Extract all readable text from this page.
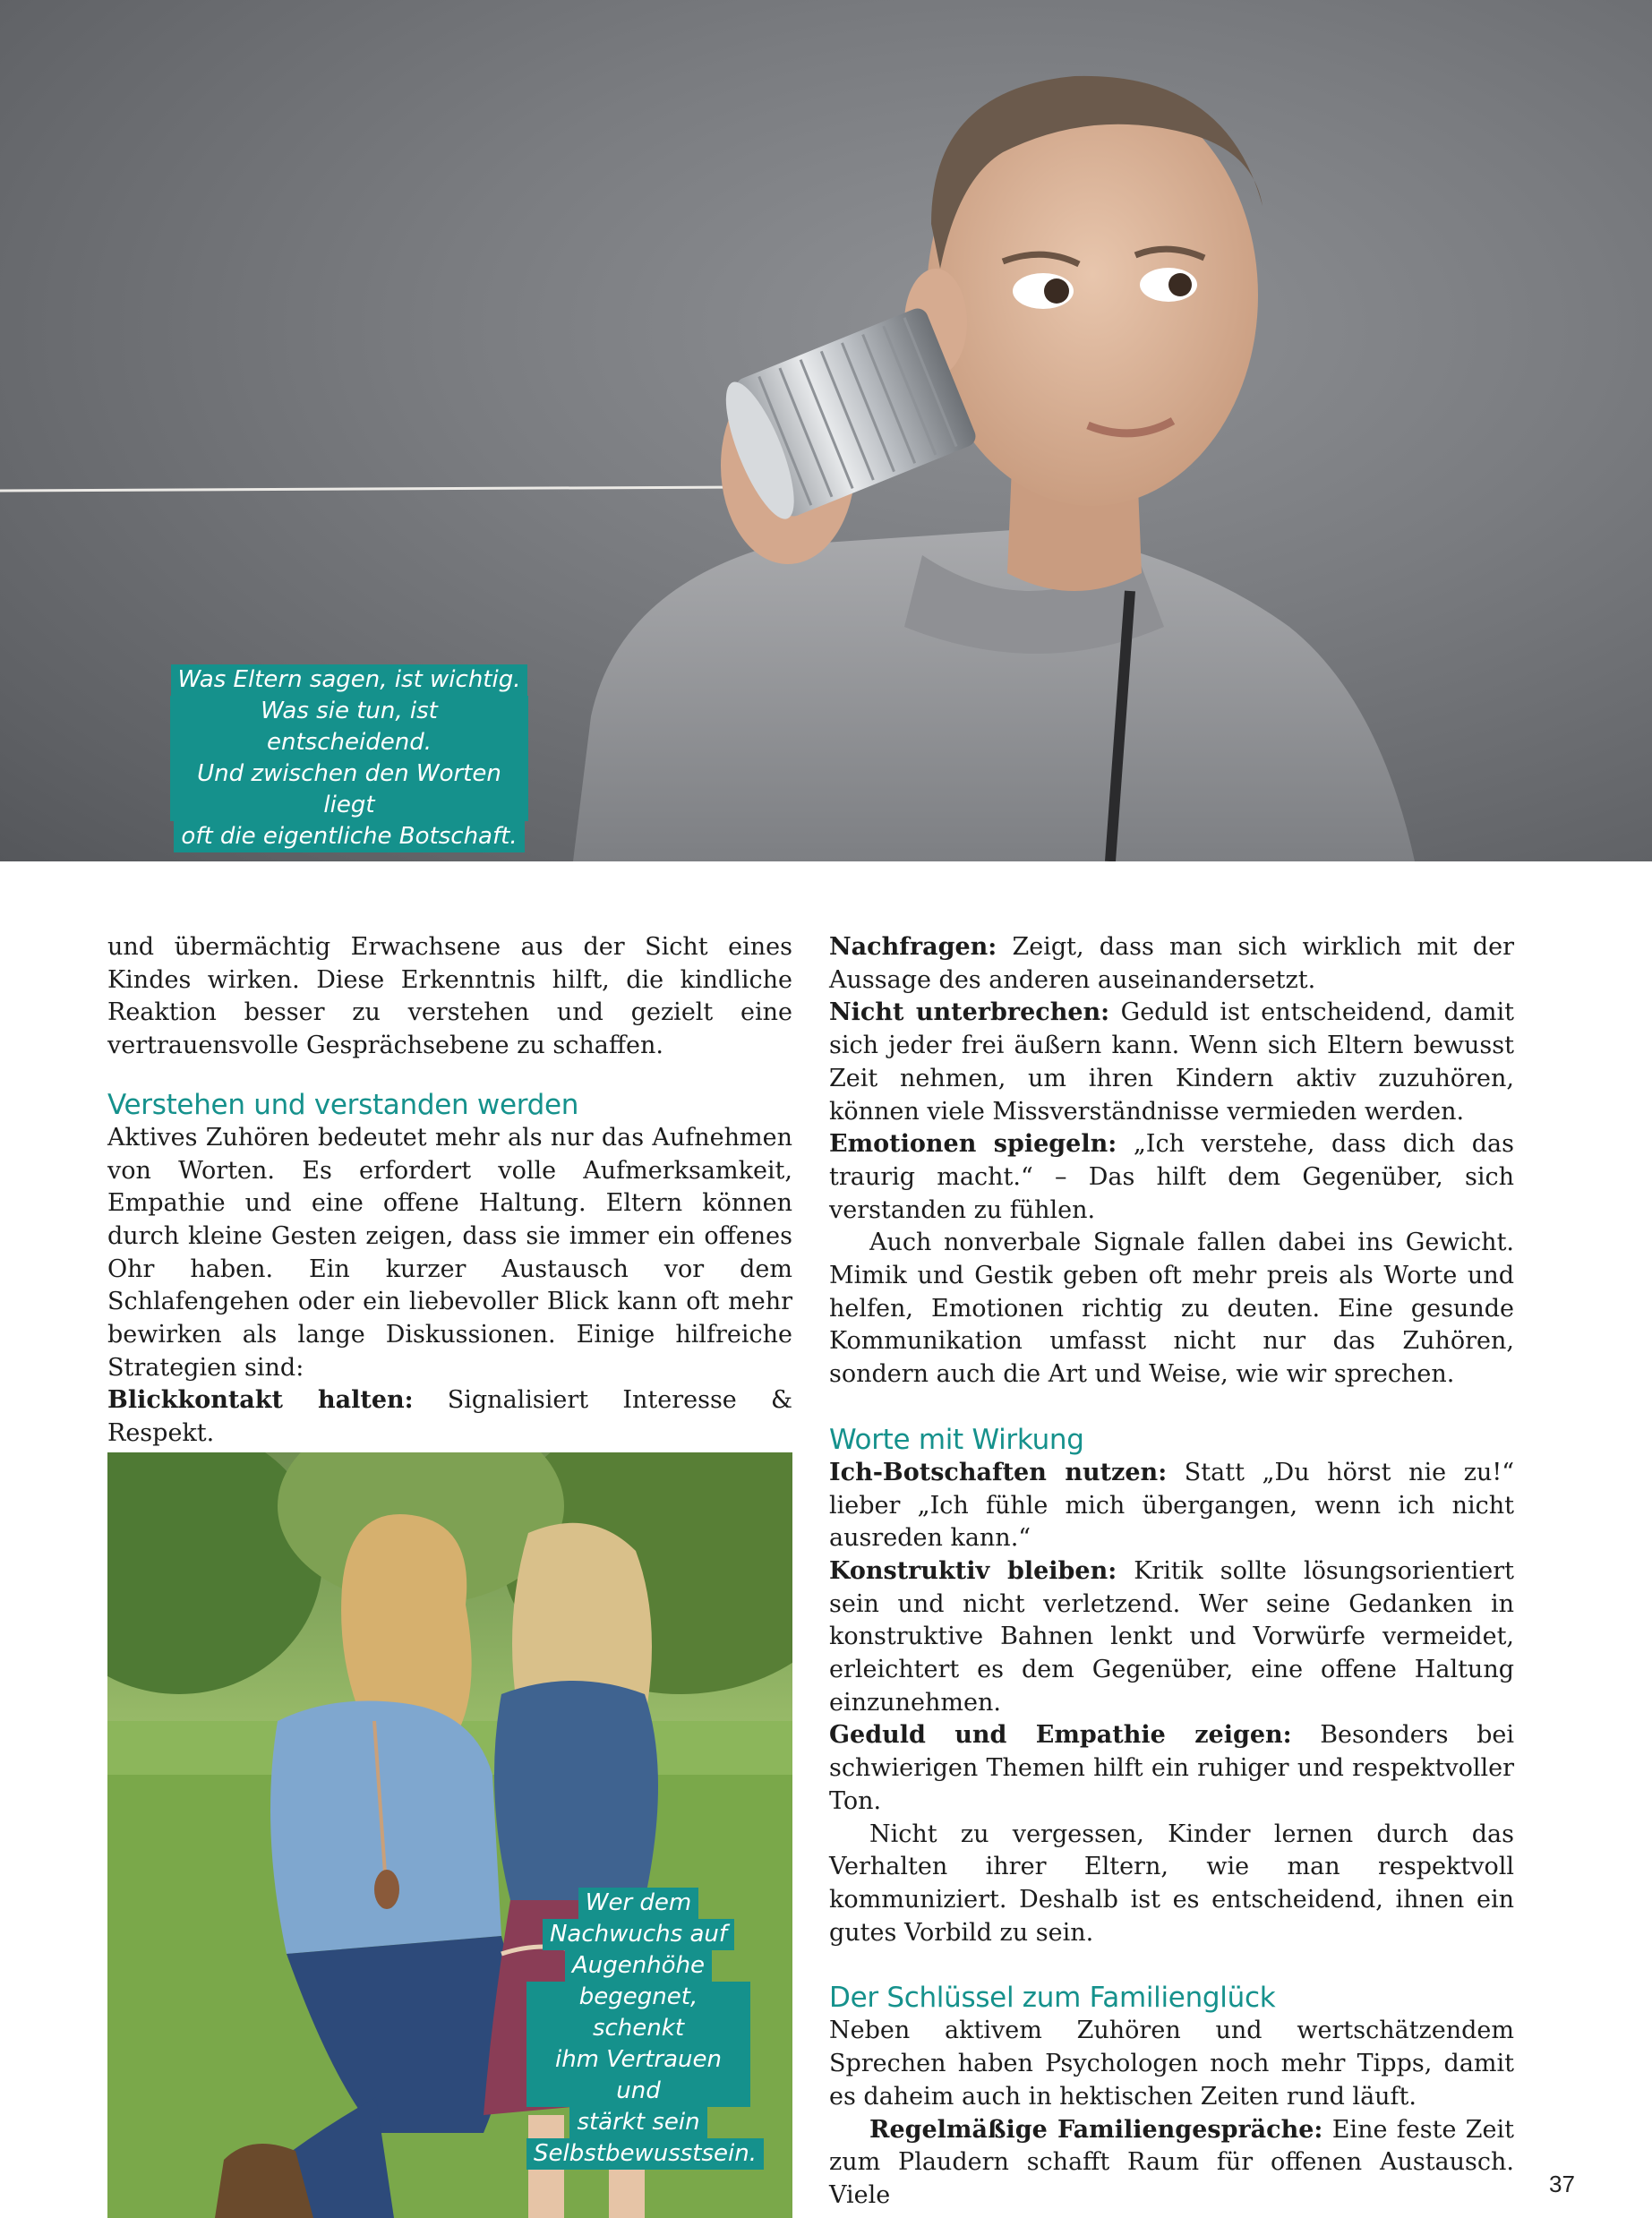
Was Eltern sagen, ist wichtig.
Was sie tun, ist entscheidend.
Und zwischen den Worten liegt
oft die eigentliche Botschaft.

und übermächtig Erwachsene aus der Sicht eines Kindes wirken. Diese Erkenntnis hilft, die kindliche Reaktion besser zu verstehen und gezielt eine vertrauensvolle Gesprächsebene zu schaffen.

Verstehen und verstanden werden

Aktives Zuhören bedeutet mehr als nur das Aufnehmen von Worten. Es erfordert volle Aufmerksamkeit, Empathie und eine offene Haltung. Eltern können durch kleine Gesten zeigen, dass sie immer ein offenes Ohr haben. Ein kurzer Austausch vor dem Schlafengehen oder ein liebevoller Blick kann oft mehr bewirken als lange Diskussionen. Einige hilfreiche Strategien sind:

Blickkontakt halten: Signalisiert Interesse & Respekt.

Wer dem
Nachwuchs auf
Augenhöhe
begegnet, schenkt
ihm Vertrauen und
stärkt sein
Selbstbewusstsein.

Nachfragen: Zeigt, dass man sich wirklich mit der Aussage des anderen auseinandersetzt.

Nicht unterbrechen: Geduld ist entscheidend, damit sich jeder frei äußern kann. Wenn sich Eltern bewusst Zeit nehmen, um ihren Kindern aktiv zuzuhören, können viele Missverständnisse vermieden werden.

Emotionen spiegeln: „Ich verstehe, dass dich das traurig macht.“ – Das hilft dem Gegenüber, sich verstanden zu fühlen.

Auch nonverbale Signale fallen dabei ins Gewicht. Mimik und Gestik geben oft mehr preis als Worte und helfen, Emotionen richtig zu deuten. Eine gesunde Kommunikation umfasst nicht nur das Zuhören, sondern auch die Art und Weise, wie wir sprechen.

Worte mit Wirkung

Ich-Botschaften nutzen: Statt „Du hörst nie zu!“ lieber „Ich fühle mich übergangen, wenn ich nicht ausreden kann.“

Konstruktiv bleiben: Kritik sollte lösungsorientiert sein und nicht verletzend. Wer seine Gedanken in konstruktive Bahnen lenkt und Vorwürfe vermeidet, erleichtert es dem Gegenüber, eine offene Haltung einzunehmen.

Geduld und Empathie zeigen: Besonders bei schwierigen Themen hilft ein ruhiger und respektvoller Ton.

Nicht zu vergessen, Kinder lernen durch das Verhalten ihrer Eltern, wie man respektvoll kommuniziert. Deshalb ist es entscheidend, ihnen ein gutes Vorbild zu sein.

Der Schlüssel zum Familienglück

Neben aktivem Zuhören und wertschätzendem Sprechen haben Psychologen noch mehr Tipps, damit es daheim auch in hektischen Zeiten rund läuft.

Regelmäßige Familiengespräche: Eine feste Zeit zum Plaudern schafft Raum für offenen Austausch. Viele	37
